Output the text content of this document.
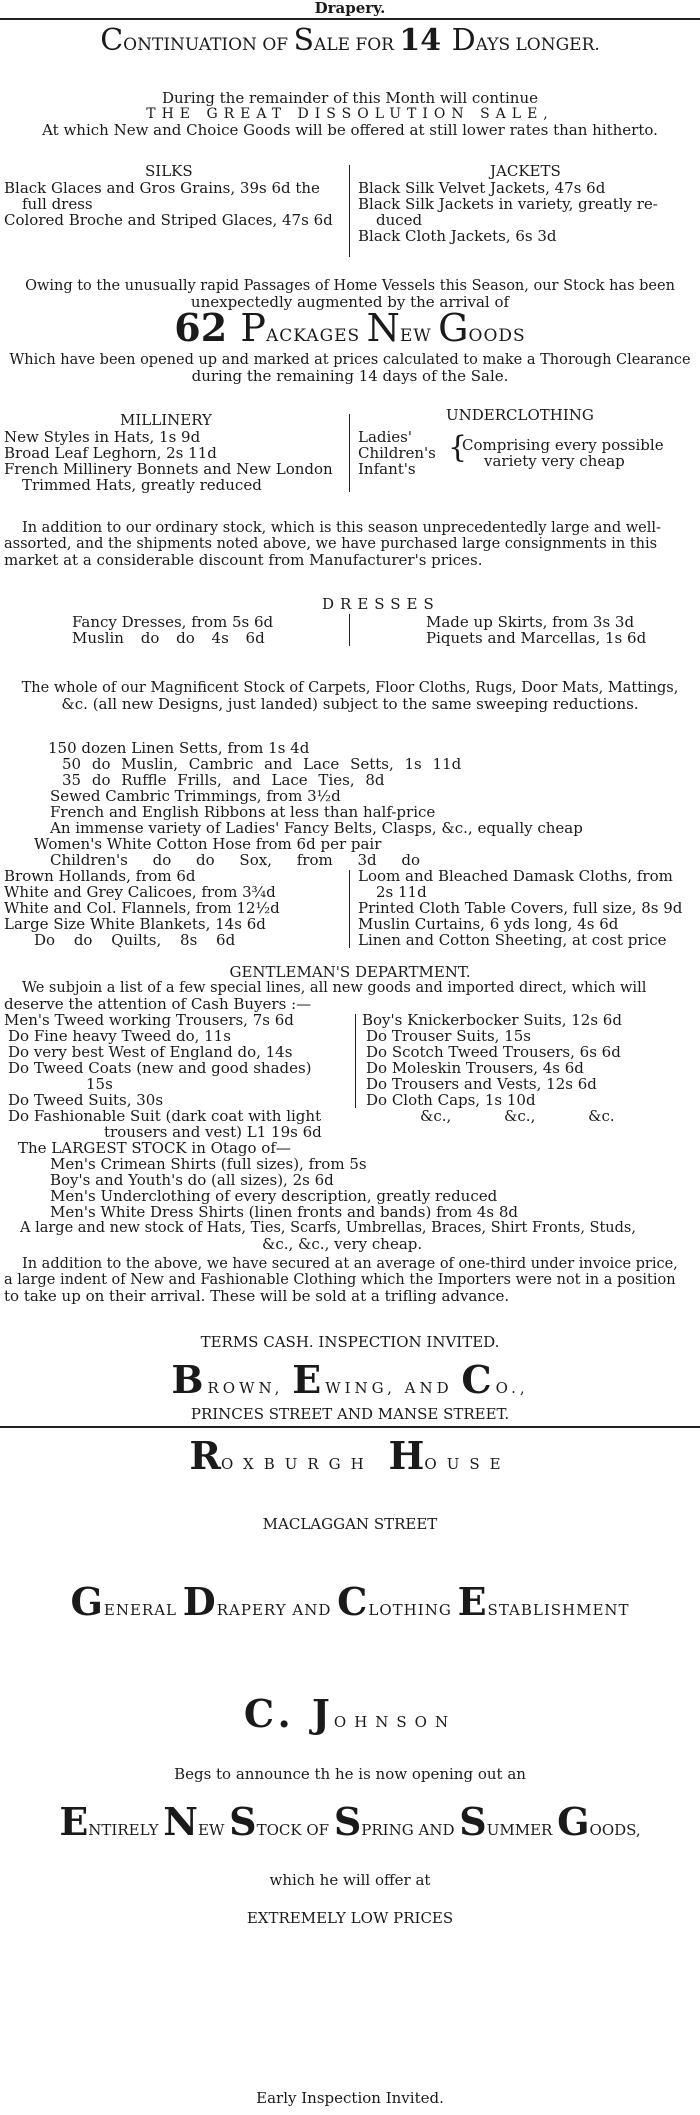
Drapery.
CONTINUATION OF SALE FOR 14 DAYS LONGER.
During the remainder of this Month will continue
THE GREAT DISSOLUTION SALE,
At which New and Choice Goods will be offered at still lower rates than hitherto.
SILKS
Black Glaces and Gros Grains, 39s 6d the
full dress
Colored Broche and Striped Glaces, 47s 6d
JACKETS
Black Silk Velvet Jackets, 47s 6d
Black Silk Jackets in variety, greatly re-
duced
Black Cloth Jackets, 6s 3d
Owing to the unusually rapid Passages of Home Vessels this Season, our Stock has been
unexpectedly augmented by the arrival of
62 PACKAGES NEW GOODS
Which have been opened up and marked at prices calculated to make a Thorough Clearance
during the remaining 14 days of the Sale.
MILLINERY
New Styles in Hats, 1s 9d
Broad Leaf Leghorn, 2s 11d
French Millinery Bonnets and New London
Trimmed Hats, greatly reduced
UNDERCLOTHING
Ladies'
Children's
Infant's
{
Comprising every possible
variety very cheap
In addition to our ordinary stock, which is this season unprecedentedly large and well-
assorted, and the shipments noted above, we have purchased large consignments in this
market at a considerable discount from Manufacturer's prices.
DRESSES
Fancy Dresses, from 5s 6d
Muslin do do 4s 6d
Made up Skirts, from 3s 3d
Piquets and Marcellas, 1s 6d
The whole of our Magnificent Stock of Carpets, Floor Cloths, Rugs, Door Mats, Mattings,
&c. (all new Designs, just landed) subject to the same sweeping reductions.
150 dozen Linen Setts, from 1s 4d
50 do Muslin, Cambric and Lace Setts, 1s 11d
35 do Ruffle Frills, and Lace Ties, 8d
Sewed Cambric Trimmings, from 3½d
French and English Ribbons at less than half-price
An immense variety of Ladies' Fancy Belts, Clasps, &c., equally cheap
Women's White Cotton Hose from 6d per pair
Children's do do Sox, from 3d do
Brown Hollands, from 6d
White and Grey Calicoes, from 3¾d
White and Col. Flannels, from 12½d
Large Size White Blankets, 14s 6d
Do do Quilts, 8s 6d
Loom and Bleached Damask Cloths, from
2s 11d
Printed Cloth Table Covers, full size, 8s 9d
Muslin Curtains, 6 yds long, 4s 6d
Linen and Cotton Sheeting, at cost price
GENTLEMAN'S DEPARTMENT.
We subjoin a list of a few special lines, all new goods and imported direct, which will
deserve the attention of Cash Buyers :—
Men's Tweed working Trousers, 7s 6d
Do Fine heavy Tweed do, 11s
Do very best West of England do, 14s
Do Tweed Coats (new and good shades)
15s
Do Tweed Suits, 30s
Do Fashionable Suit (dark coat with light
trousers and vest) L1 19s 6d
Boy's Knickerbocker Suits, 12s 6d
Do Trouser Suits, 15s
Do Scotch Tweed Trousers, 6s 6d
Do Moleskin Trousers, 4s 6d
Do Trousers and Vests, 12s 6d
Do Cloth Caps, 1s 10d
&c., &c., &c.
The LARGEST STOCK in Otago of—
Men's Crimean Shirts (full sizes), from 5s
Boy's and Youth's do (all sizes), 2s 6d
Men's Underclothing of every description, greatly reduced
Men's White Dress Shirts (linen fronts and bands) from 4s 8d
A large and new stock of Hats, Ties, Scarfs, Umbrellas, Braces, Shirt Fronts, Studs,
&c., &c., very cheap.
In addition to the above, we have secured at an average of one-third under invoice price,
a large indent of New and Fashionable Clothing which the Importers were not in a position
to take up on their arrival. These will be sold at a trifling advance.
TERMS CASH. INSPECTION INVITED.
BROWN, EWING, AND CO.,
PRINCES STREET AND MANSE STREET.
ROXBURGH HOUSE
MACLAGGAN STREET
GENERAL DRAPERY AND CLOTHING ESTABLISHMENT
C. JOHNSON
Begs to announce th he is now opening out an
ENTIRELY NEW STOCK OF SPRING AND SUMMER GOODS,
which he will offer at
EXTREMELY LOW PRICES
Early Inspection Invited.
